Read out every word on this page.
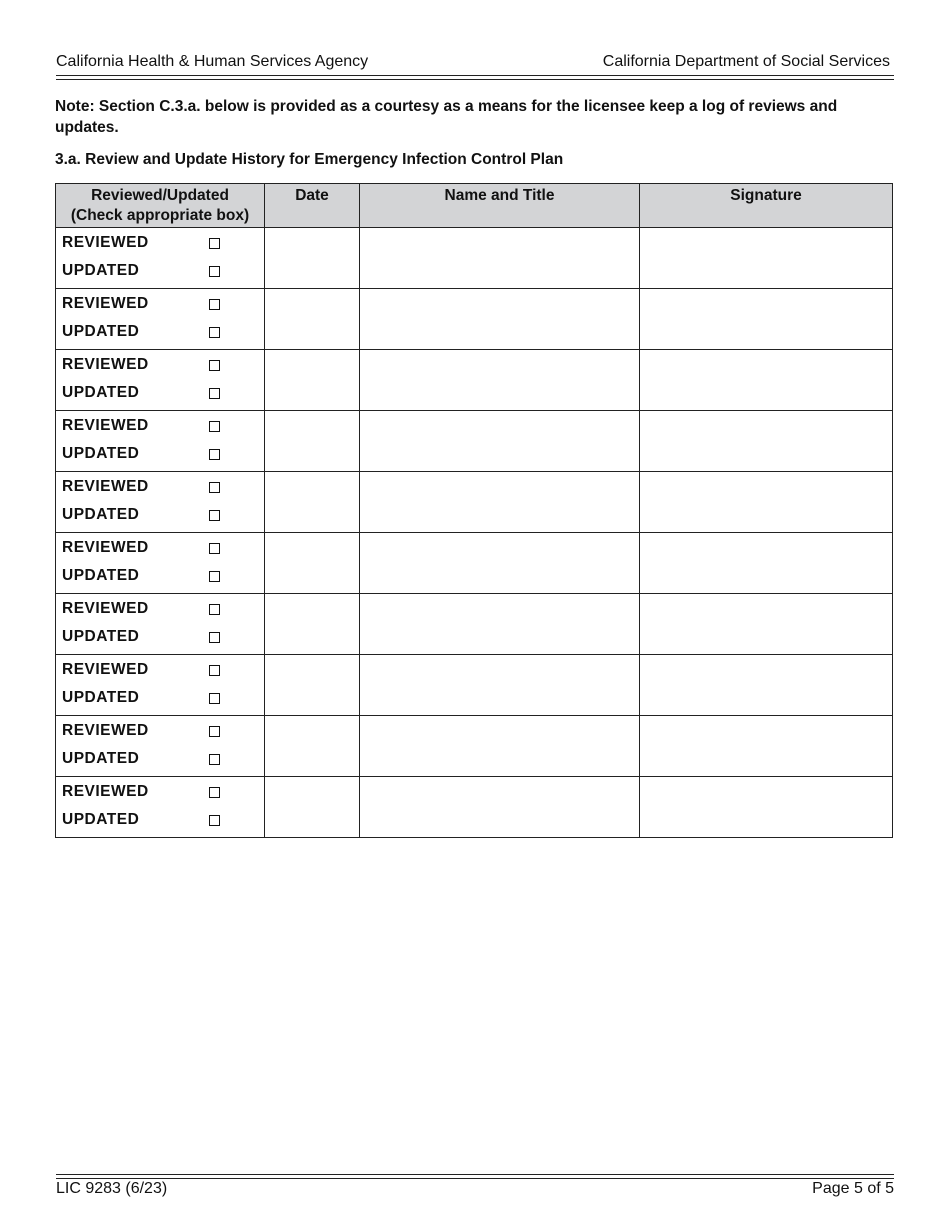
California Health & Human Services Agency	California Department of Social Services
Note: Section C.3.a. below is provided as a courtesy as a means for the licensee keep a log of reviews and updates.
3.a. Review and Update History for Emergency Infection Control Plan
Reviewed/Updated
(Check appropriate box)	Date	Name and Title	Signature

REVIEWED
UPDATED			

REVIEWED
UPDATED			

REVIEWED
UPDATED			

REVIEWED
UPDATED			

REVIEWED
UPDATED			

REVIEWED
UPDATED			

REVIEWED
UPDATED			

REVIEWED
UPDATED			

REVIEWED
UPDATED			

REVIEWED
UPDATED			

LIC 9283 (6/23)	Page 5 of 5
